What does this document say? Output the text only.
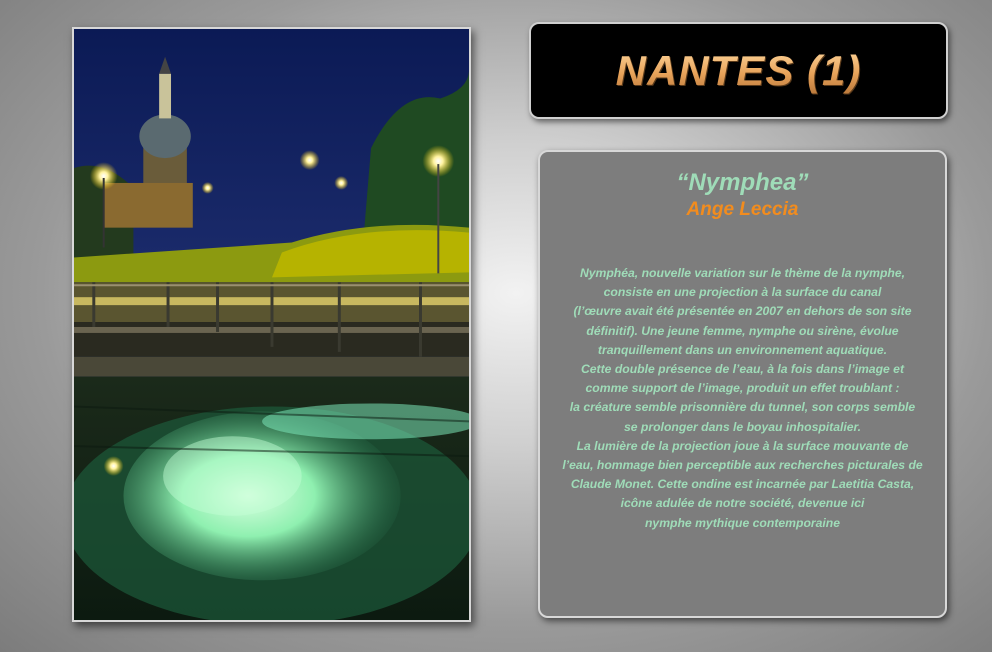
NANTES (1)
“Nymphea”
Ange Leccia
Nymphéa, nouvelle variation sur le thème de la nymphe,
consiste en une projection à la surface du canal
(l’œuvre avait été présentée en 2007 en dehors de son site
définitif). Une jeune femme, nymphe ou sirène, évolue
tranquillement dans un environnement aquatique.
Cette double présence de l’eau, à la fois dans l’image et
comme support de l’image, produit un effet troublant :
la créature semble prisonnière du tunnel, son corps semble
se prolonger dans le boyau inhospitalier.
La lumière de la projection joue à la surface mouvante de
l’eau, hommage bien perceptible aux recherches picturales de
Claude Monet. Cette ondine est incarnée par Laetitia Casta,
icône adulée de notre société, devenue ici
nymphe mythique contemporaine
